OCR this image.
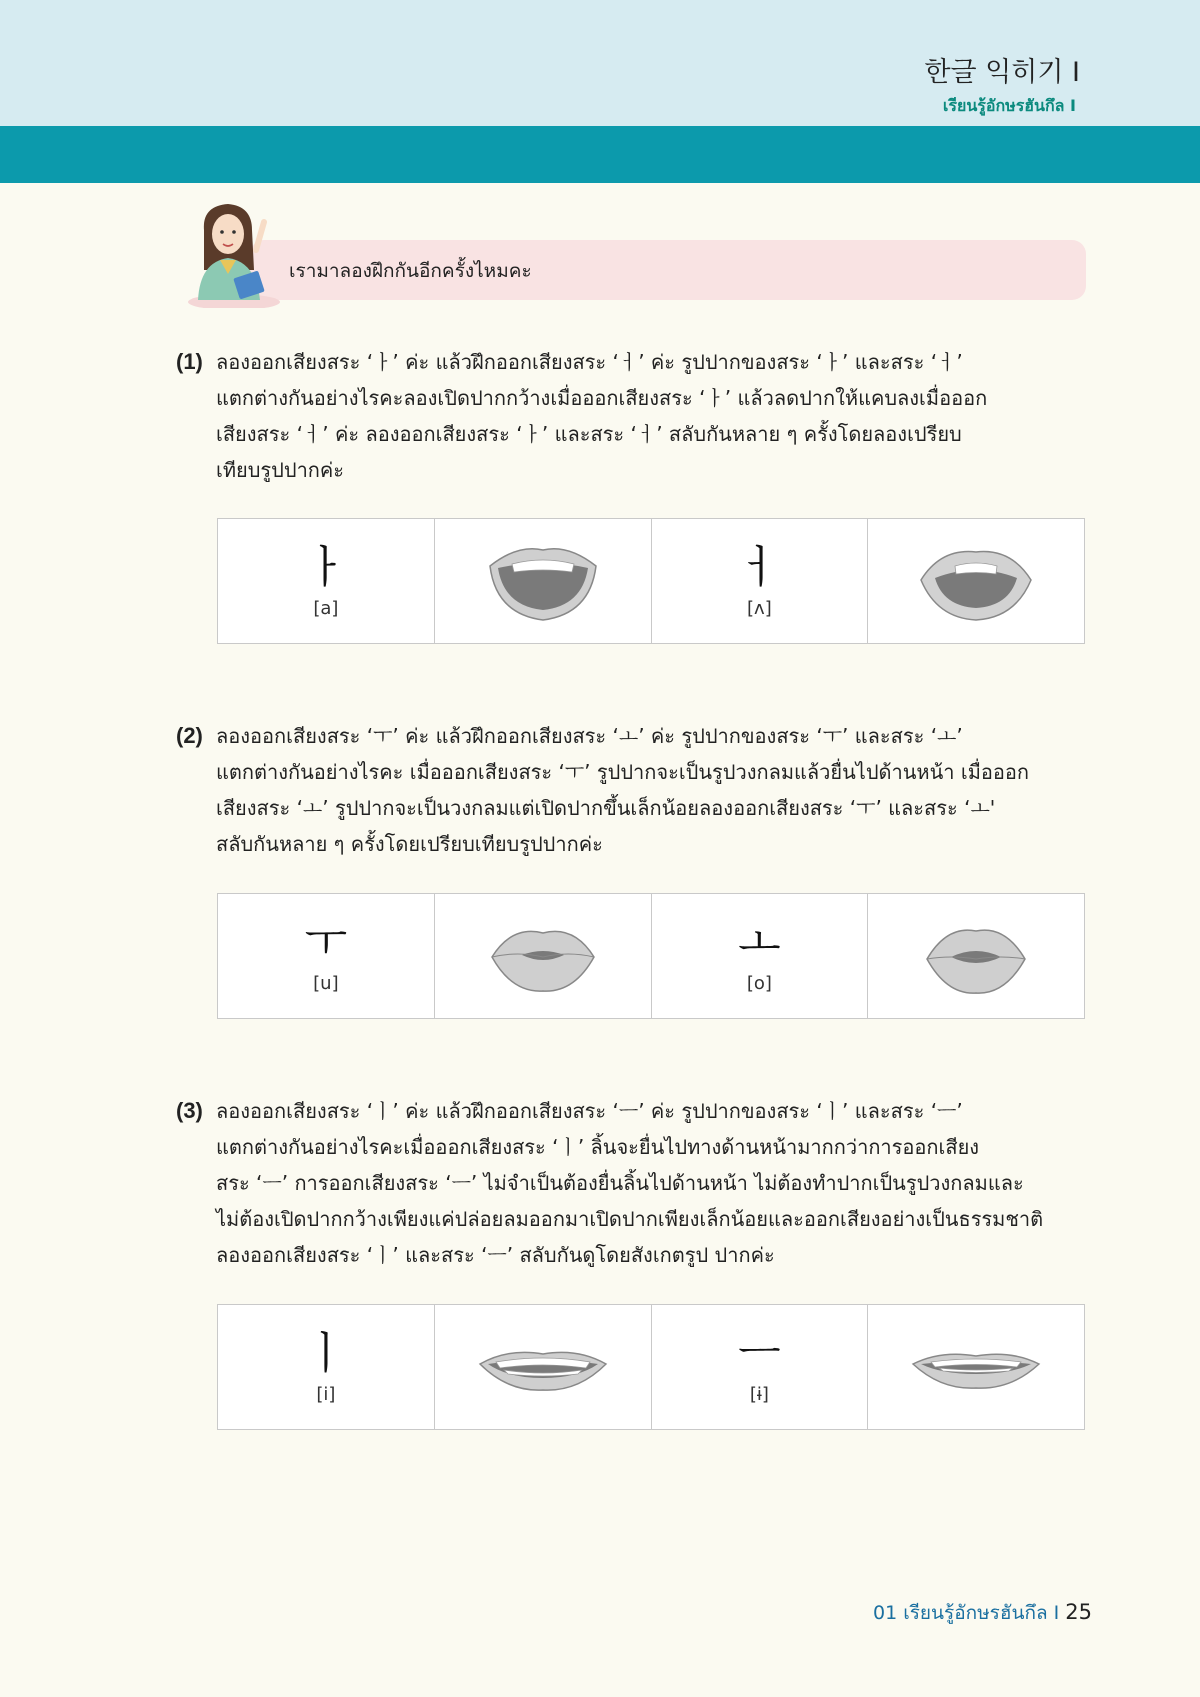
한글 익히기 I
เรียนรู้อักษรฮันกึล I
เรามาลองฝึกกันอีกครั้งไหมคะ
(1) ลองออกเสียงสระ ‘ㅏ’ ค่ะ แล้วฝึกออกเสียงสระ ‘ㅓ’ ค่ะ รูปปากของสระ ‘ㅏ’ และสระ ‘ㅓ’
แตกต่างกันอย่างไรคะลองเปิดปากกว้างเมื่อออกเสียงสระ ‘ㅏ’ แล้วลดปากให้แคบลงเมื่อออก
เสียงสระ ‘ㅓ’ ค่ะ ลองออกเสียงสระ ‘ㅏ’ และสระ ‘ㅓ’ สลับกันหลาย ๆ ครั้งโดยลองเปรียบ
เทียบรูปปากค่ะ
ㅏ
[a]
ㅓ
[ʌ]
(2) ลองออกเสียงสระ ‘ㅜ’ ค่ะ แล้วฝึกออกเสียงสระ ‘ㅗ’ ค่ะ รูปปากของสระ ‘ㅜ’ และสระ ‘ㅗ’
แตกต่างกันอย่างไรคะ เมื่อออกเสียงสระ ‘ㅜ’ รูปปากจะเป็นรูปวงกลมแล้วยื่นไปด้านหน้า เมื่อออก
เสียงสระ ‘ㅗ’ รูปปากจะเป็นวงกลมแต่เปิดปากขึ้นเล็กน้อยลองออกเสียงสระ ‘ㅜ’ และสระ ‘ㅗ'
สลับกันหลาย ๆ ครั้งโดยเปรียบเทียบรูปปากค่ะ
ㅜ
[u]
ㅗ
[o]
(3) ลองออกเสียงสระ ‘ㅣ’ ค่ะ แล้วฝึกออกเสียงสระ ‘ㅡ’ ค่ะ รูปปากของสระ ‘ㅣ’ และสระ ‘ㅡ’
แตกต่างกันอย่างไรคะเมื่อออกเสียงสระ ‘ㅣ’ ลิ้นจะยื่นไปทางด้านหน้ามากกว่าการออกเสียง
สระ ‘ㅡ’ การออกเสียงสระ ‘ㅡ’ ไม่จำเป็นต้องยื่นลิ้นไปด้านหน้า ไม่ต้องทำปากเป็นรูปวงกลมและ
ไม่ต้องเปิดปากกว้างเพียงแค่ปล่อยลมออกมาเปิดปากเพียงเล็กน้อยและออกเสียงอย่างเป็นธรรมชาติ
ลองออกเสียงสระ ‘ㅣ’ และสระ ‘ㅡ’ สลับกันดูโดยสังเกตรูป ปากค่ะ
ㅣ
[i]
ㅡ
[ɨ]
01 เรียนรู้อักษรฮันกึล I 25
